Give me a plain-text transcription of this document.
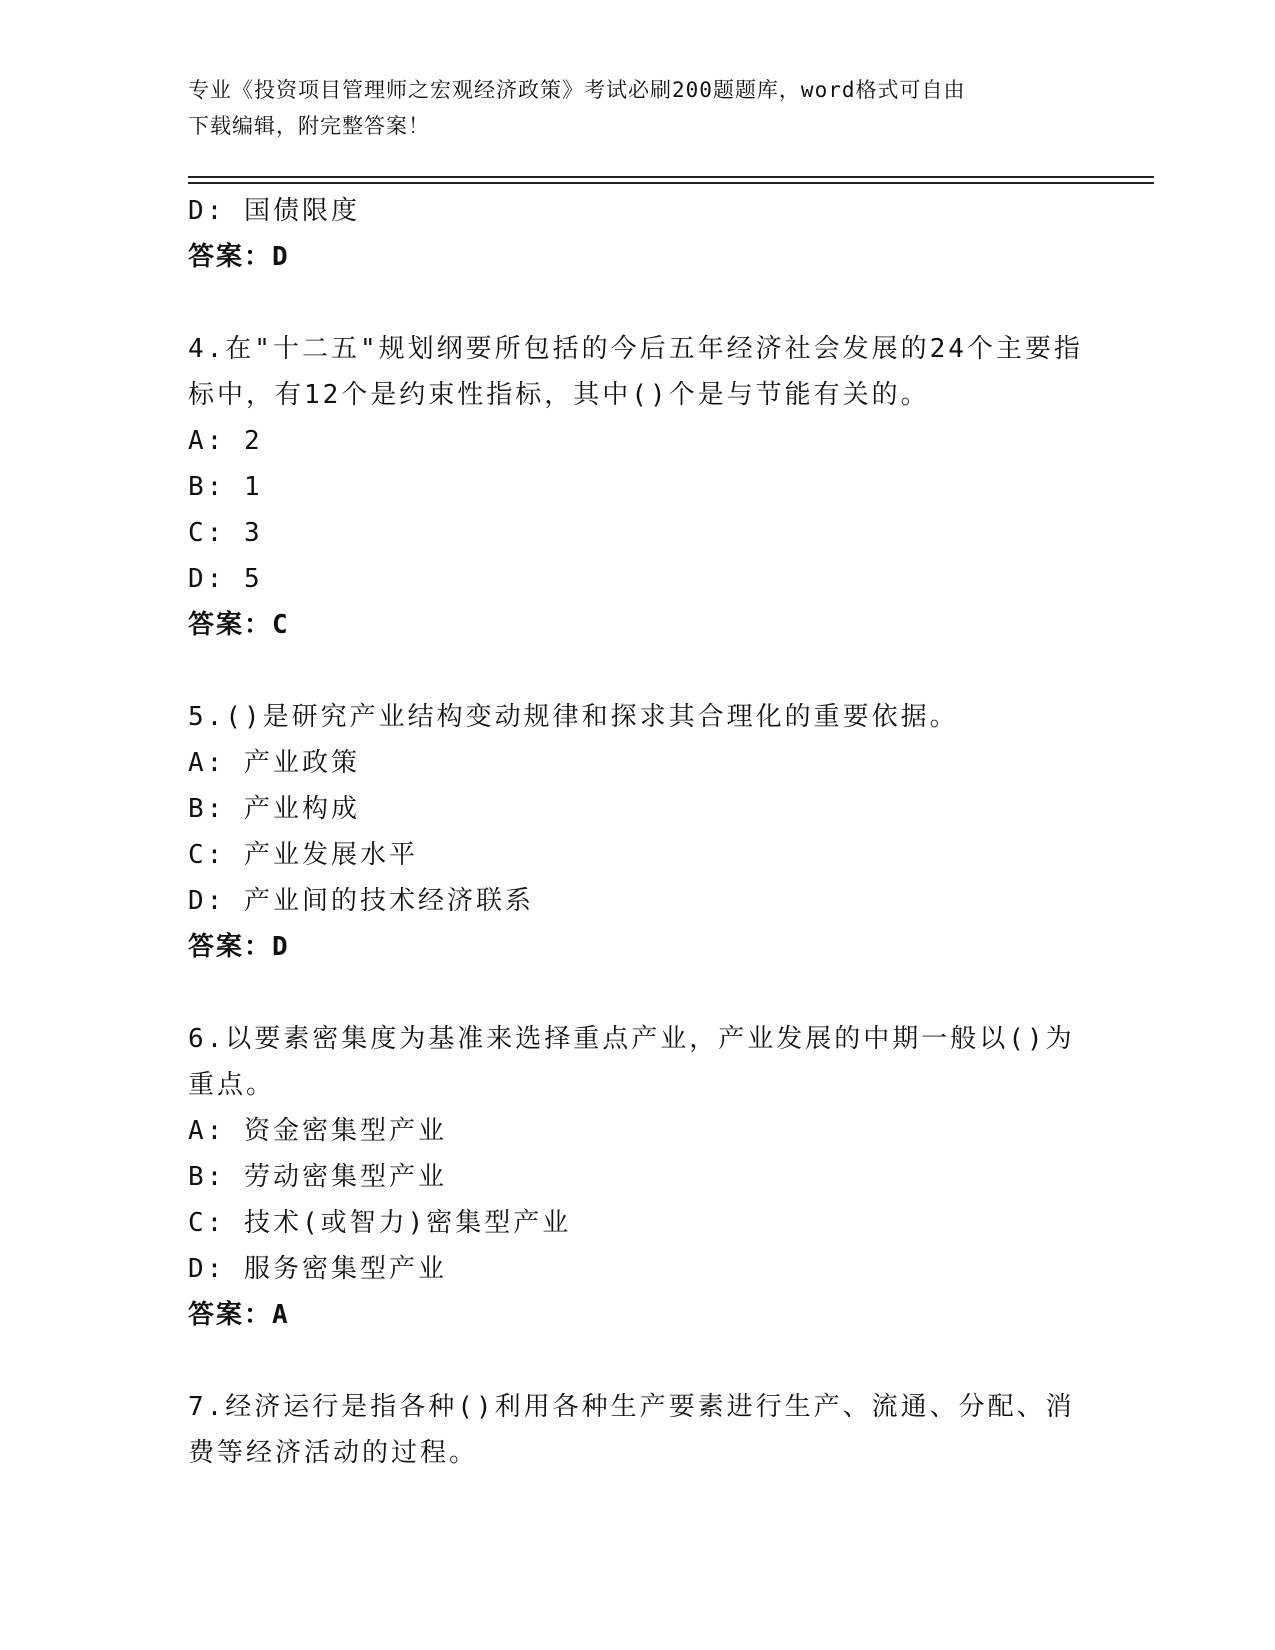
专业《投资项目管理师之宏观经济政策》考试必刷200题题库，word格式可自由
下载编辑，附完整答案！
D: 国债限度
答案：D
4.在"十二五"规划纲要所包括的今后五年经济社会发展的24个主要指
标中，有12个是约束性指标，其中()个是与节能有关的。
A: 2
B: 1
C: 3
D: 5
答案：C
5.()是研究产业结构变动规律和探求其合理化的重要依据。
A: 产业政策
B: 产业构成
C: 产业发展水平
D: 产业间的技术经济联系
答案：D
6.以要素密集度为基准来选择重点产业，产业发展的中期一般以()为
重点。
A: 资金密集型产业
B: 劳动密集型产业
C: 技术(或智力)密集型产业
D: 服务密集型产业
答案：A
7.经济运行是指各种()利用各种生产要素进行生产、流通、分配、消
费等经济活动的过程。
